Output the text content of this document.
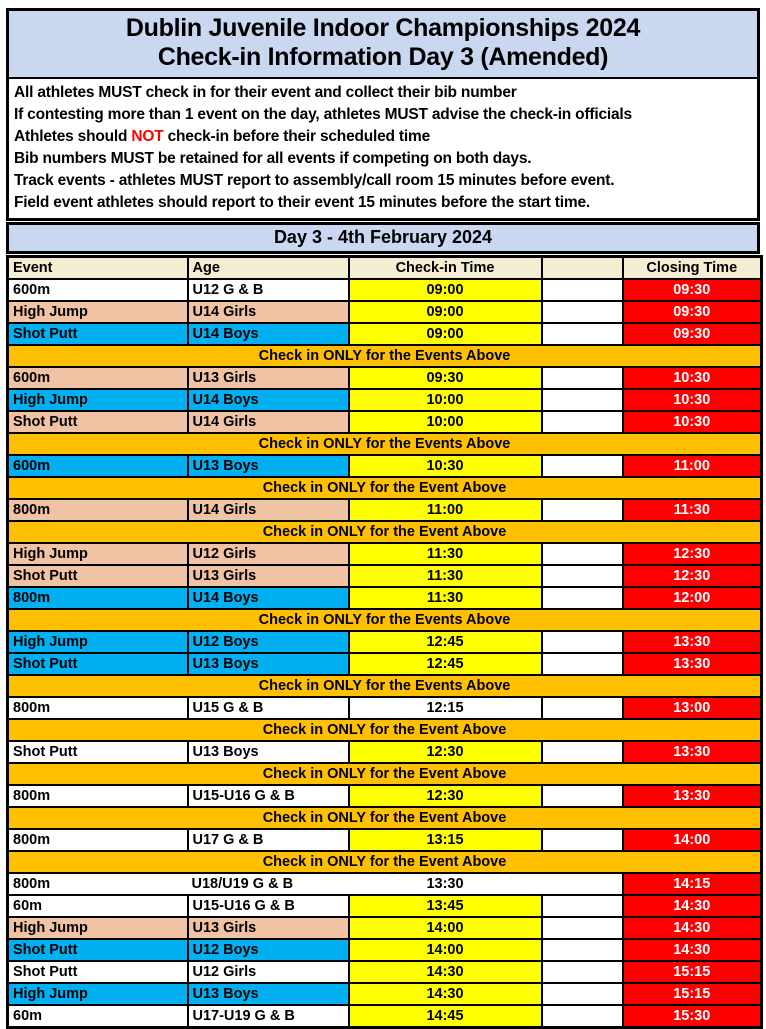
Dublin Juvenile Indoor Championships 2024
Check-in Information Day 3 (Amended)
All athletes MUST check in for their event and collect their bib number
If contesting more than 1 event on the day, athletes MUST advise the check-in officials
Athletes should NOT check-in before their scheduled time
Bib numbers MUST be retained for all events if competing on both days.
Track events - athletes MUST report to assembly/call room 15 minutes before event.
Field event athletes should report to their event 15 minutes before the start time.
Day 3 - 4th February 2024
Event	Age	Check-in Time		Closing Time
600m	U12 G & B	09:00		09:30
High Jump	U14 Girls	09:00		09:30
Shot Putt	U14 Boys	09:00		09:30
Check in ONLY for the Events Above				
600m	U13 Girls	09:30		10:30
High Jump	U14 Boys	10:00		10:30
Shot Putt	U14 Girls	10:00		10:30
Check in ONLY for the Events Above				
600m	U13 Boys	10:30		11:00
Check in ONLY for the Event Above				
800m	U14 Girls	11:00		11:30
Check in ONLY for the Event Above				
High Jump	U12 Girls	11:30		12:30
Shot Putt	U13 Girls	11:30		12:30
800m	U14 Boys	11:30		12:00
Check in ONLY for the Events Above				
High Jump	U12 Boys	12:45		13:30
Shot Putt	U13 Boys	12:45		13:30
Check in ONLY for the Events Above				
800m	U15 G & B	12:15		13:00
Check in ONLY for the Event Above				
Shot Putt	U13 Boys	12:30		13:30
Check in ONLY for the Event Above				
800m	U15-U16 G & B	12:30		13:30
Check in ONLY for the Event Above				
800m	U17 G & B	13:15		14:00
Check in ONLY for the Event Above				
800m	U18/U19 G & B	13:30		14:15
60m	U15-U16 G & B	13:45		14:30
High Jump	U13 Girls	14:00		14:30
Shot Putt	U12 Boys	14:00		14:30
Shot Putt	U12 Girls	14:30		15:15
High Jump	U13 Boys	14:30		15:15
60m	U17-U19 G & B	14:45		15:30
